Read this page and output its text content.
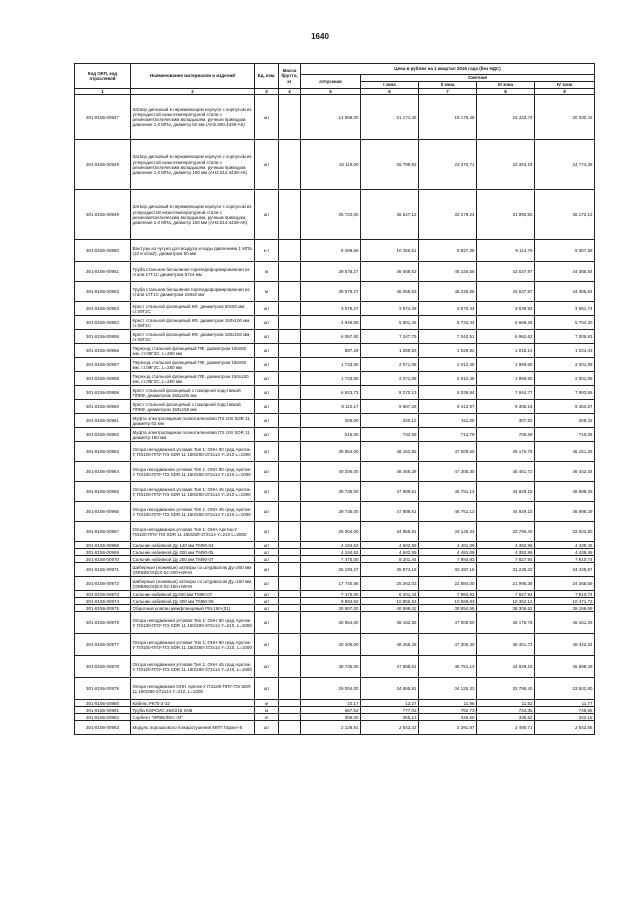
1640
Код ОКП, код отраслевой	Наименование материалов и изделий	Ед. изм.	Масса брутто, кг	Цена в рублях на 1 квартал 2016 года (без НДС)				
				отпускная	Сметная			
					I зона	II зона	III зона	IV зона
1	2	3	4	5	6	7	8	9
301-8156-00947	Затвор дисковый в нержавеющем корпусе с корпусом из углеродистой низкотемпературной стали с резинометаллическим вкладышем, ручным приводом, давление 1,0 МПа, диаметр 50 мм (АН2.500.4439-АК)	шт		14 868,00	21 171,45	19 178,48	18 433,74	20 330,42
301-8156-00948	Затвор дисковый в нержавеющем корпусе с корпусом из углеродистой низкотемпературной стали с резинометаллическим вкладышем, ручным приводом, давление 1,0 МПа, диаметр 100 мм (АН2.512.4439-АК)	шт		18 118,00	25 799,82	23 370,71	22 463,18	24 774,45
301-8156-00949	Затвор дисковый в нержавеющем корпусе с корпусом из углеродистой низкотемпературной стали с резинометаллическим вкладышем, ручным приводом, давление 1,0 МПа, диаметр 150 мм (АН2.514.4439-АК)	шт		25 722,00	36 627,12	33 179,24	31 890,82	35 172,12
301-8156-00950	Вантузы из чугуна для воздуха и воды давлением 1 МПа (10 кгс/см2), диаметром 50 мм	к-т		5 499,66	10 456,61	9 827,35	9 114,76	9 357,58
301-8156-00951	Труба стальная бесшовная горячедеформированная из стали 17Г1С диаметром 57х4 мм	м		39 578,27	46 068,53	45 220,56	43 537,87	44 385,84
301-8156-00952	Труба стальная бесшовная горячедеформированная из стали 17Г1С диаметром 159х8 мм	м		39 578,27	46 068,53	45 220,56	43 537,87	44 385,84
301-8156-00953	Крест стальной фланцевый КФ, диаметром 50х50 мм, ст.09Г2С	шт		3 076,27	3 674,49	3 570,44	3 539,93	3 551,74
301-8156-00954	Крест стальной фланцевый КФ, диаметром 150х100 мм, ст.09Г2С	шт		4 949,50	5 901,45	5 734,34	5 669,26	5 704,30
301-8156-00955	Крест стальной фланцевый КФ, диаметром 150х150 мм, ст.09Г2С	шт		6 067,60	7 247,75	7 042,51	6 962,62	7 005,63
301-8156-00956	Переход стальной фланцевый ПФ, диаметром 100х50 мм, ст.09Г2С, L=250 мм	шт		887,29	1 059,83	1 029,82	1 018,14	1 024,43
301-8156-00957	Переход стальной фланцевый ПФ, диаметром 150х50 мм, ст.09Г2С, L=250 мм	шт		1 733,90	2 071,08	2 012,45	1 989,60	2 001,89
301-8156-00958	Переход стальной фланцевый ПФ, диаметром 150х100 мм, ст.09Г2С, L=250 мм	шт		1 733,90	2 071,08	2 012,45	1 989,60	2 001,89
301-8156-00959	Крест стальной фланцевый с пожарной подставкой ППКФ, диаметром 150х100 мм	шт		6 923,73	8 270,13	8 035,94	7 944,77	7 993,86
301-8156-00960	Крест стальной фланцевый с пожарной подставкой ППКФ, диаметром 150х150 мм	шт		8 110,17	9 687,29	9 412,97	9 306,18	9 363,67
301-8156-00961	Муфта электросварная полиэтиленовая ПЭ 100 SDR 11 диаметр 63 мм	шт		268,00	320,12	311,05	307,52	309,42
301-8156-00962	Муфта электросварная полиэтиленовая ПЭ 100 SDR 11 диаметр 160 мм	шт		615,00	734,59	713,79	705,69	710,05
301-8156-00963	Опора неподвижная угловая Тип 1: ОНН 90 град Арктик-У ПЭ100-ППУ-ПЭ SDR 11 160/280-372х14 Y=210 L=1000	шт		39 954,00	48 152,55	47 008,60	45 176,78	46 151,26
301-8156-00964	Опора неподвижная угловая Тип 1: ОНН 90 град Арктик-У ПЭ100-ППУ-ПЭ SDR 11 160/280-372х14 Y=210 L=1000	шт		40 206,00	48 456,28	47 305,30	45 461,72	46 442,34
301-8156-00965	Опора неподвижная угловая Тип 1: ОНН 45 град Арктик-У ПЭ100-ППУ-ПЭ SDR 11 160/280-372х14 Y=210 L=1000	шт		39 735,00	47 888,61	46 751,13	44 929,15	45 898,29
301-8156-00966	Опора неподвижная угловая Тип 1: ОНН 45 град Арктик-У ПЭ100-ППУ-ПЭ SDR 11 160/280-372х14 Y=210 L=1000	шт		39 735,00	47 888,61	46 751,13	44 929,15	45 898,29
301-8156-00967	Опора неподвижная угловая Тип 1: ОНН Арктик-У ПЭ100-ППУ-ПЭ SDR 11 160/280-372х14 Y=210 L=2000	шт		29 004,00	34 955,81	34 125,33	32 795,40	33 502,80
301-8156-00968	Сальник набивной Ду 140 мм ТМ90-04	шт		4 194,62	4 602,59	4 481,09	4 392,86	4 439,45
301-8156-00969	Сальник набивной Ду 200 мм ТМ90-05	шт		4 194,62	4 602,59	4 481,09	4 392,86	4 439,45
301-8156-00970	Сальник набивной Ду 250 мм ТМ90-07	шт		7 475,00	8 201,44	7 984,93	7 827,94	7 910,74
301-8156-00971	Шиберные (ножевые) затворы со штурвалом Ду=200 мм (ORBINOX)EX-02-200-НW-М	шт		25 193,27	35 874,18	32 497,16	31 235,22	34 449,57
301-8156-00972	Шиберные (ножевые) затворы со штурвалом Ду=150 мм (ORBINOX)EX-02-150-НW-М	шт		17 740,86	25 262,03	22 884,00	21 995,36	24 258,59
301-8156-00973	Сальник набивной Ду300 мм ТМ90-07	шт		7 475,00	8 201,44	7 984,93	7 827,94	7 910,74
301-8156-00974	Сальник набивной Ду 400 мм ТМ90-09	шт		9 894,92	10 856,53	10 569,93	10 362,12	10 471,72
301-8156-00975	Обратный клапан межфланцевый РМ-150-(01)	шт		30 887,00	40 998,42	39 854,58	38 306,62	39 156,68
301-8156-00976	Опора неподвижная угловая Тип 1: ОНН 90 град Арктик-У ПЭ100-ППУ-ПЭ SDR 11 160/280-372х14 Y=210, L=1000	шт		39 954,00	48 152,55	47 008,60	45 176,78	46 151,26
301-8156-00977	Опора неподвижная угловая Тип 1: ОНН 90 град Арктик-У ПЭ100-ППУ-ПЭ SDR 11 160/280-372х14 Y=210, L=1000	шт		40 206,00	48 456,28	47 305,30	45 461,72	46 442,34
301-8156-00978	Опора неподвижная угловая Тип 1: ОНН 45 град Арктик-У ПЭ100-ППУ-ПЭ SDR 11 160/280-372х14 Y=210, L=1000	шт		39 735,00	47 888,61	46 751,13	44 929,15	45 898,29
301-8156-00979	Опора неподвижная ОНН Арктик-У ПЭ100-ППУ-ПЭ SDR 11 160/280-372х14 Y=210, L=1000	шт		29 004,00	34 955,81	34 125,33	32 795,40	33 502,80
301-8156-00980	Кабель РК75-3-32	м		10,17	12,27	11,98	11,52	11,77
301-8156-00981	Труба КОРСИС 250/216 SN8	м		667,53	777,03	762,73	734,35	748,65
301-8156-00982	Сорбент "ИРВЕЛЕН -М"	кг		305,00	355,13	346,60	335,62	342,16
301-8156-00983	Модуль порошкового пожаротушения МПП Гарант-5	шт		2 128,81	2 543,42	2 391,87	2 490,71	2 542,65
